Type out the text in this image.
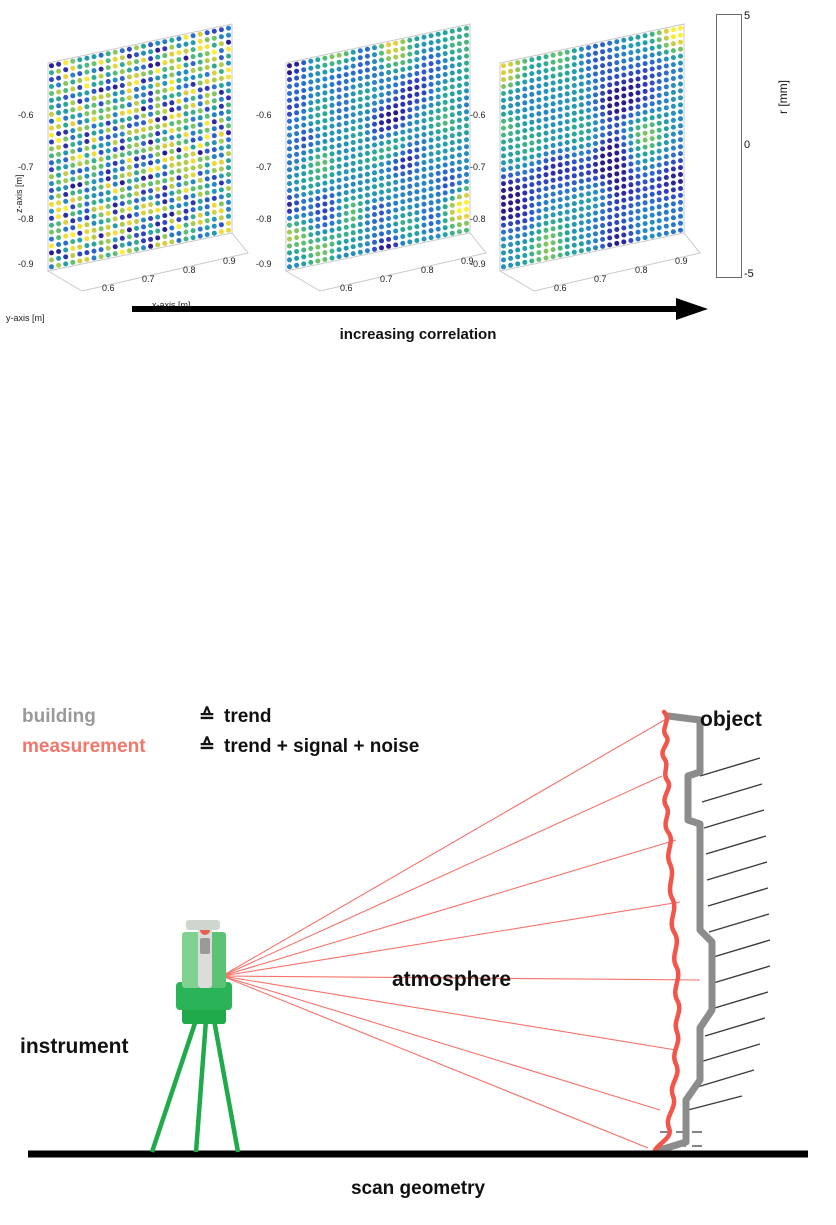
z-axis [m]
-0.6
-0.7
-0.8
-0.9
0.6
0.7
0.8
0.9
x-axis [m]
y-axis [m]
-0.6
-0.7
-0.8
-0.9
0.6
0.7
0.8
0.9
-0.6
-0.7
-0.8
-0.9
0.6
0.7
0.8
0.9
5
0
-5
r [mm]
increasing correlation
building	≙ trend
measurement	≙ trend + signal + noise
object
atmosphere
instrument
scan geometry
